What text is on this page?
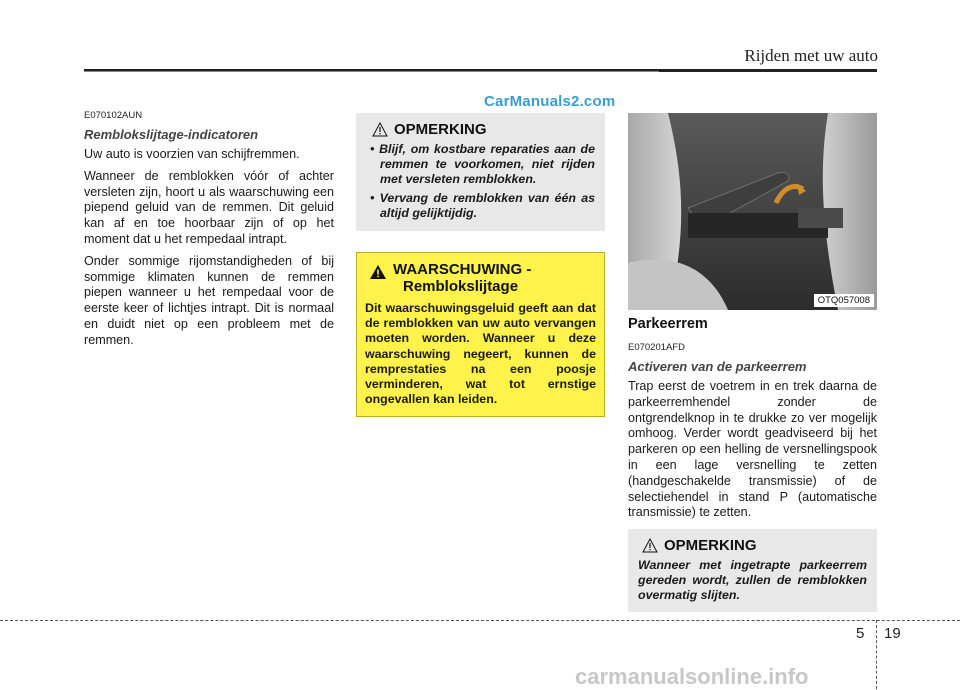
Rijden met uw auto
CarManuals2.com

E070102AUN

Remblokslijtage-indicatoren

Uw auto is voorzien van schijfremmen.

Wanneer de remblokken vóór of achter versleten zijn, hoort u als waarschuwing een piepend geluid van de remmen. Dit geluid kan af en toe hoorbaar zijn of op het moment dat u het rempedaal intrapt.

Onder sommige rijomstandigheden of bij sommige klimaten kunnen de remmen piepen wanneer u het rempedaal voor de eerste keer of lichtjes intrapt. Dit is normaal en duidt niet op een probleem met de remmen.

OPMERKING

• Blijf, om kostbare reparaties aan de remmen te voorkomen, niet rijden met versleten remblokken.

• Vervang de remblokken van één as altijd gelijktijdig.

WAARSCHUWING -
Remblokslijtage
Dit waarschuwingsgeluid geeft aan dat de remblokken van uw auto vervangen moeten worden. Wanneer u deze waarschuwing negeert, kunnen de remprestaties na een poosje verminderen, wat tot ernstige ongevallen kan leiden.
OTQ057008

Parkeerrem

E070201AFD

Activeren van de parkeerrem

Trap eerst de voetrem in en trek daarna de parkeerremhendel zonder de ontgrendelknop in te drukke zo ver mogelijk omhoog. Verder wordt geadviseerd bij het parkeren op een helling de versnellingspook in een lage versnelling te zetten (handgeschakelde transmissie) of de selectiehendel in stand P (automatische transmissie) te zetten.

OPMERKING

Wanneer met ingetrapte parkeerrem gereden wordt, zullen de remblokken overmatig slijten.

5 19
carmanualsonline.info
